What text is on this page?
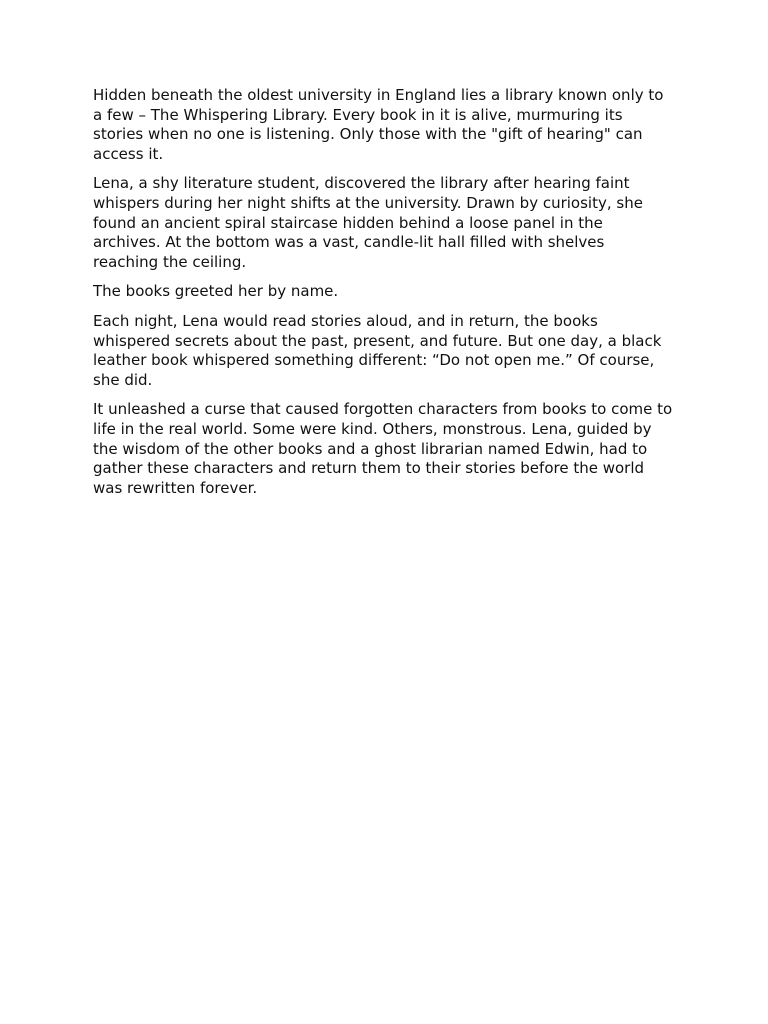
Hidden beneath the oldest university in England lies a library known only to a few – The Whispering Library. Every book in it is alive, murmuring its stories when no one is listening. Only those with the "gift of hearing" can access it.

Lena, a shy literature student, discovered the library after hearing faint whispers during her night shifts at the university. Drawn by curiosity, she found an ancient spiral staircase hidden behind a loose panel in the archives. At the bottom was a vast, candle-lit hall filled with shelves reaching the ceiling.

The books greeted her by name.

Each night, Lena would read stories aloud, and in return, the books whispered secrets about the past, present, and future. But one day, a black leather book whispered something different: “Do not open me.” Of course, she did.

It unleashed a curse that caused forgotten characters from books to come to life in the real world. Some were kind. Others, monstrous. Lena, guided by the wisdom of the other books and a ghost librarian named Edwin, had to gather these characters and return them to their stories before the world was rewritten forever.
